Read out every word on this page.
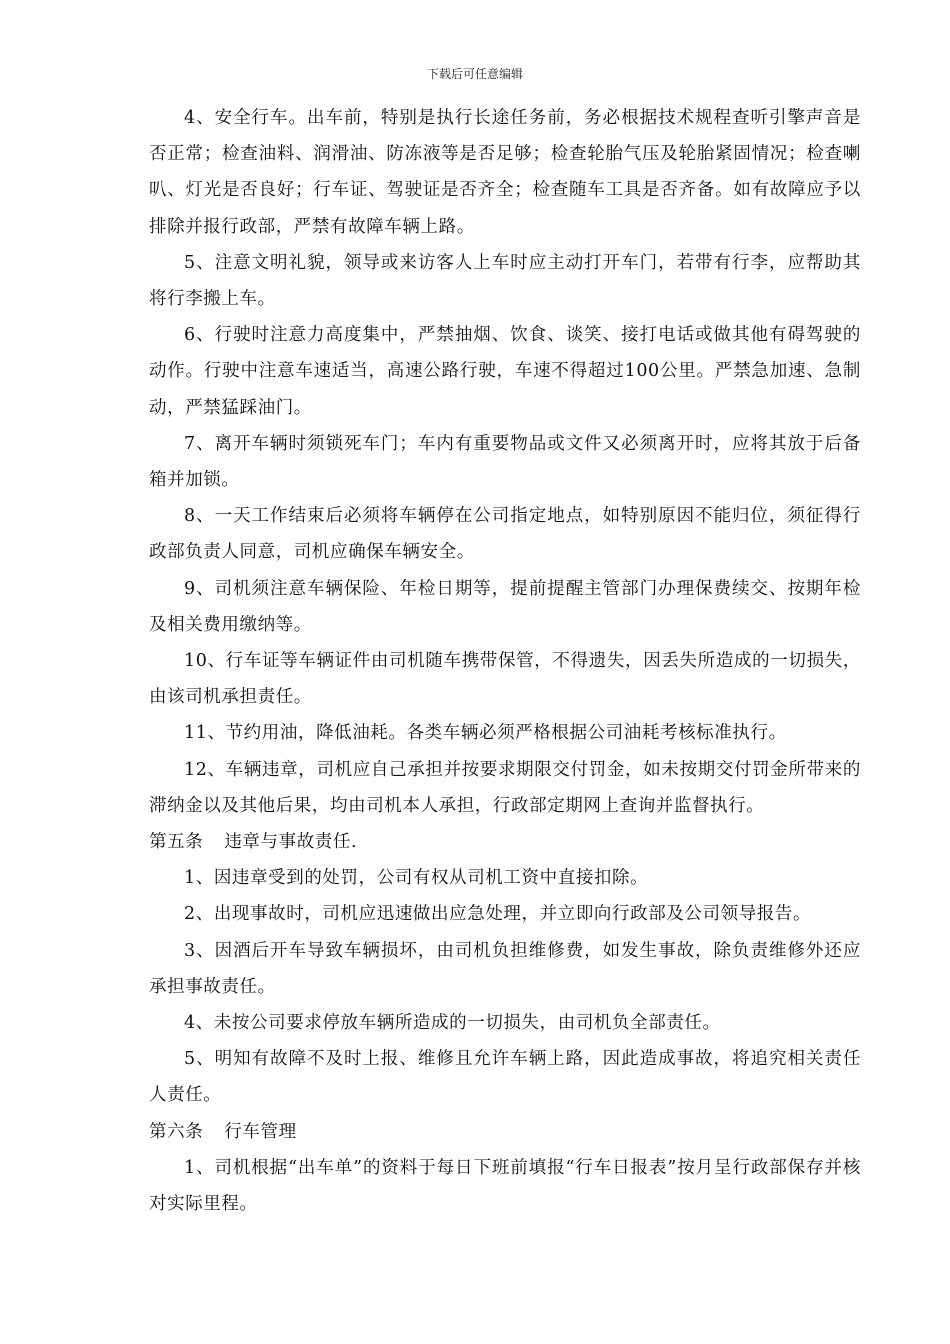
下载后可任意编辑

4、安全行车。出车前，特别是执行长途任务前，务必根据技术规程查听引擎声音是否正常；检查油料、润滑油、防冻液等是否足够；检查轮胎气压及轮胎紧固情况；检查喇叭、灯光是否良好；行车证、驾驶证是否齐全；检查随车工具是否齐备。如有故障应予以排除并报行政部，严禁有故障车辆上路。

5、注意文明礼貌，领导或来访客人上车时应主动打开车门，若带有行李，应帮助其将行李搬上车。

6、行驶时注意力高度集中，严禁抽烟、饮食、谈笑、接打电话或做其他有碍驾驶的动作。行驶中注意车速适当，高速公路行驶，车速不得超过100公里。严禁急加速、急制动，严禁猛踩油门。

7、离开车辆时须锁死车门；车内有重要物品或文件又必须离开时，应将其放于后备箱并加锁。

8、一天工作结束后必须将车辆停在公司指定地点，如特别原因不能归位，须征得行政部负责人同意，司机应确保车辆安全。

9、司机须注意车辆保险、年检日期等，提前提醒主管部门办理保费续交、按期年检及相关费用缴纳等。

10、行车证等车辆证件由司机随车携带保管，不得遗失，因丢失所造成的一切损失，由该司机承担责任。

11、节约用油，降低油耗。各类车辆必须严格根据公司油耗考核标准执行。

12、车辆违章，司机应自己承担并按要求期限交付罚金，如未按期交付罚金所带来的滞纳金以及其他后果，均由司机本人承担，行政部定期网上查询并监督执行。

第五条 违章与事故责任.

1、因违章受到的处罚，公司有权从司机工资中直接扣除。

2、出现事故时，司机应迅速做出应急处理，并立即向行政部及公司领导报告。

3、因酒后开车导致车辆损坏，由司机负担维修费，如发生事故，除负责维修外还应承担事故责任。

4、未按公司要求停放车辆所造成的一切损失，由司机负全部责任。

5、明知有故障不及时上报、维修且允许车辆上路，因此造成事故，将追究相关责任人责任。

第六条 行车管理

1、司机根据“出车单”的资料于每日下班前填报“行车日报表”按月呈行政部保存并核对实际里程。
